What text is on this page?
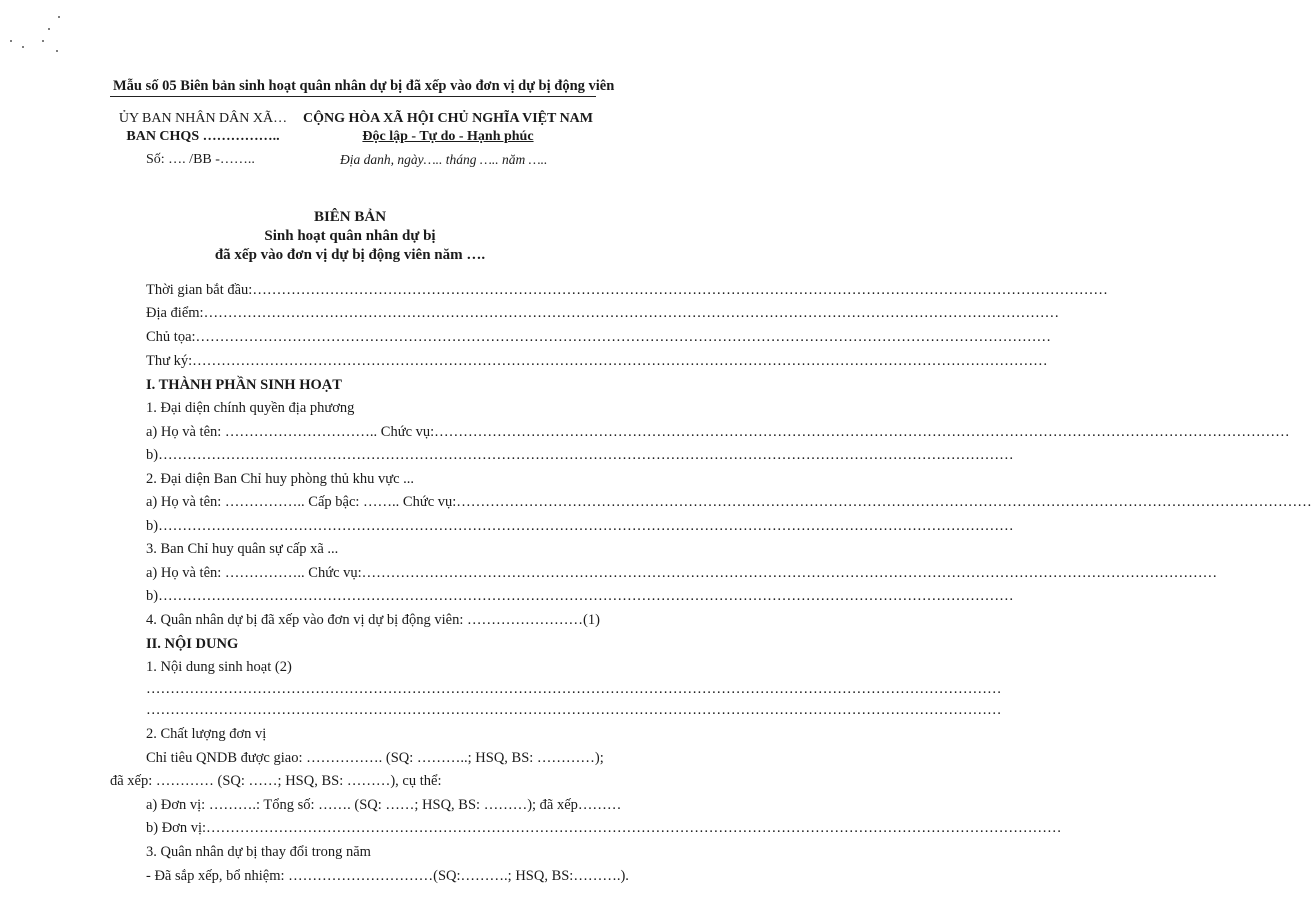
Mẫu số 05 Biên bản sinh hoạt quân nhân dự bị đã xếp vào đơn vị dự bị động viên
ỦY BAN NHÂN DÂN XÃ…
BAN CHQS ……………..
CỘNG HÒA XÃ HỘI CHỦ NGHĨA VIỆT NAM
Độc lập - Tự do - Hạnh phúc
Số: …. /BB -……..	Địa danh, ngày….. tháng ….. năm …..
BIÊN BẢN
Sinh hoạt quân nhân dự bị
đã xếp vào đơn vị dự bị động viên năm ….
Thời gian bắt đầu: ……………………………………………………………………………………………………………………………………………………………
Địa điểm: ……………………………………………………………………………………………………………………………………………………………
Chủ tọa: ……………………………………………………………………………………………………………………………………………………………
Thư ký: ……………………………………………………………………………………………………………………………………………………………
I. THÀNH PHẦN SINH HOẠT
1. Đại diện chính quyền địa phương
a) Họ và tên: ………………………….. Chức vụ: ……………………………………………………………………………………………………………………………………………………………
b) ……………………………………………………………………………………………………………………………………………………………
2. Đại diện Ban Chỉ huy phòng thủ khu vực ...
a) Họ và tên: …………….. Cấp bậc: …….. Chức vụ: ……………………………………………………………………………………………………………………………………………………………
b) ……………………………………………………………………………………………………………………………………………………………
3. Ban Chỉ huy quân sự cấp xã ...
a) Họ và tên: …………….. Chức vụ: ……………………………………………………………………………………………………………………………………………………………
b) ……………………………………………………………………………………………………………………………………………………………
4. Quân nhân dự bị đã xếp vào đơn vị dự bị động viên: ……………………(1)
II. NỘI DUNG
1. Nội dung sinh hoạt (2)
……………………………………………………………………………………………………………………………………………………………
……………………………………………………………………………………………………………………………………………………………
2. Chất lượng đơn vị
Chỉ tiêu QNDB được giao: ……………. (SQ: ………..; HSQ, BS: …………);
đã xếp: ………… (SQ: ……; HSQ, BS: ………), cụ thể:
a) Đơn vị: ……….: Tổng số: ……. (SQ: ……; HSQ, BS: ………); đã xếp………
b) Đơn vị: ……………………………………………………………………………………………………………………………………………………………
3. Quân nhân dự bị thay đổi trong năm
- Đã sắp xếp, bổ nhiệm: …………………………(SQ:……….; HSQ, BS:……….).
